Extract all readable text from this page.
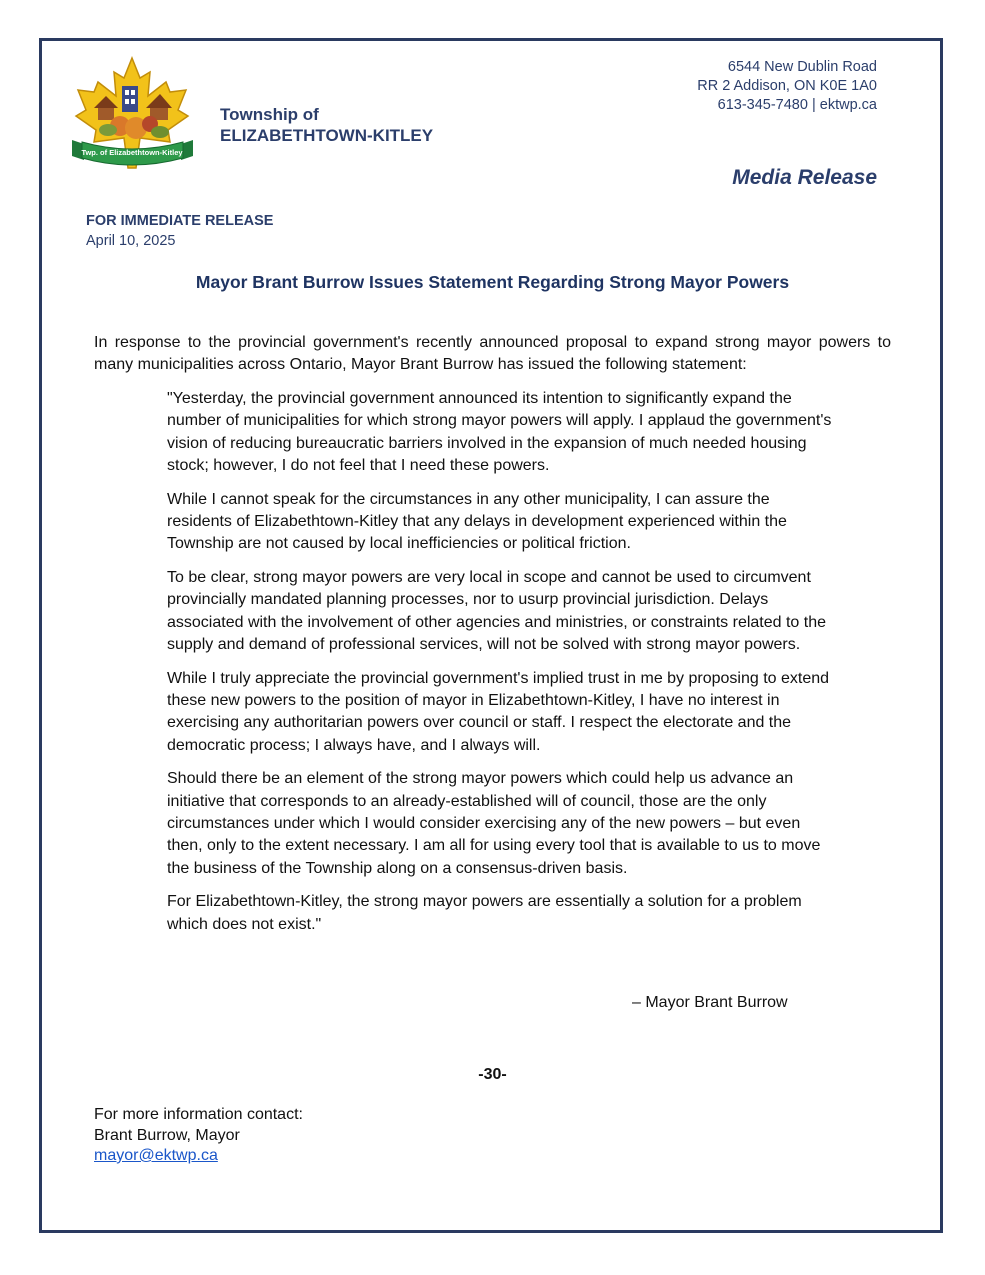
Twp. of Elizabethtown-Kitley
Township of
ELIZABETHTOWN-KITLEY
6544 New Dublin Road
RR 2 Addison, ON K0E 1A0
613-345-7480 | ektwp.ca
Media Release
FOR IMMEDIATE RELEASE
April 10, 2025
Mayor Brant Burrow Issues Statement Regarding Strong Mayor Powers
In response to the provincial government's recently announced proposal to expand strong mayor powers to many municipalities across Ontario, Mayor Brant Burrow has issued the following statement:

"Yesterday, the provincial government announced its intention to significantly expand the number of municipalities for which strong mayor powers will apply. I applaud the government's vision of reducing bureaucratic barriers involved in the expansion of much needed housing stock; however, I do not feel that I need these powers.

While I cannot speak for the circumstances in any other municipality, I can assure the residents of Elizabethtown-Kitley that any delays in development experienced within the Township are not caused by local inefficiencies or political friction.

To be clear, strong mayor powers are very local in scope and cannot be used to circumvent provincially mandated planning processes, nor to usurp provincial jurisdiction. Delays associated with the involvement of other agencies and ministries, or constraints related to the supply and demand of professional services, will not be solved with strong mayor powers.

While I truly appreciate the provincial government's implied trust in me by proposing to extend these new powers to the position of mayor in Elizabethtown-Kitley, I have no interest in exercising any authoritarian powers over council or staff. I respect the electorate and the democratic process; I always have, and I always will.

Should there be an element of the strong mayor powers which could help us advance an initiative that corresponds to an already-established will of council, those are the only circumstances under which I would consider exercising any of the new powers – but even then, only to the extent necessary. I am all for using every tool that is available to us to move the business of the Township along on a consensus-driven basis.

For Elizabethtown-Kitley, the strong mayor powers are essentially a solution for a problem which does not exist."

– Mayor Brant Burrow
-30-
For more information contact:
Brant Burrow, Mayor
mayor@ektwp.ca
